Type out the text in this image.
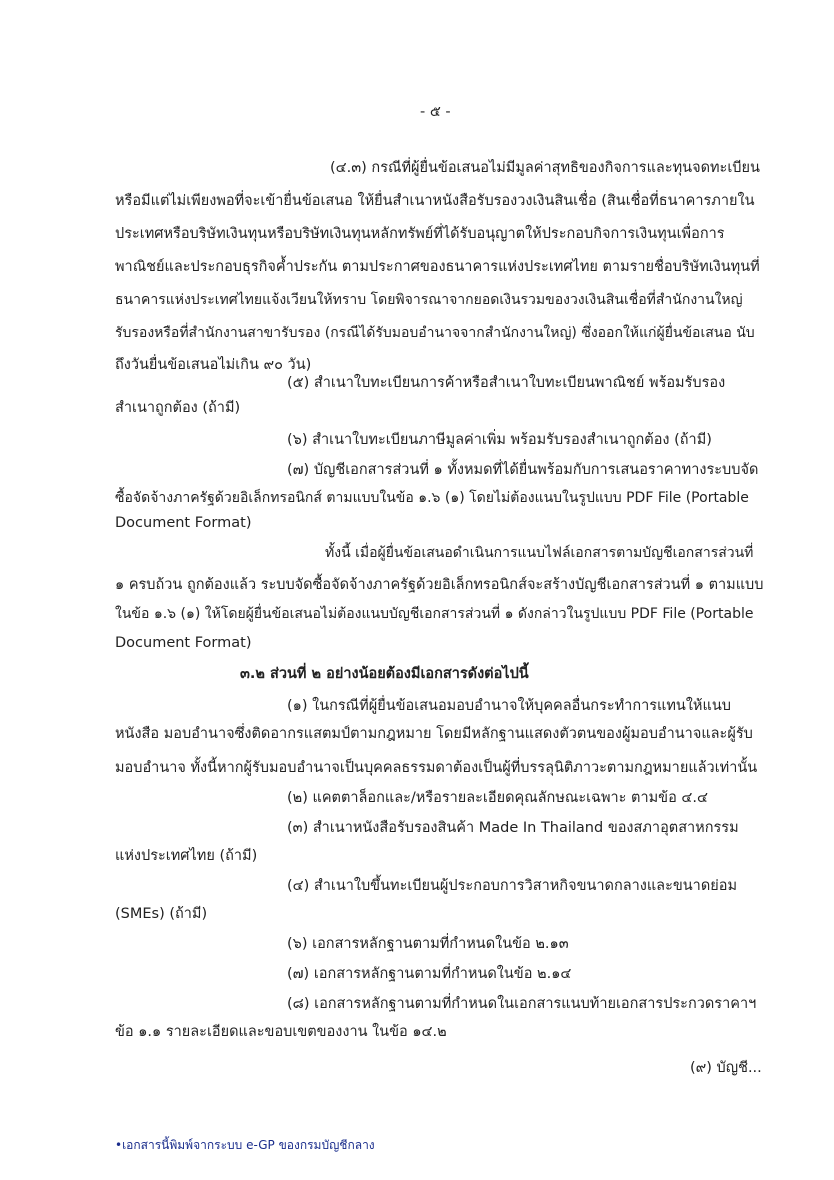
- ๕ -
(๔.๓) กรณีที่ผู้ยื่นข้อเสนอไม่มีมูลค่าสุทธิของกิจการและทุนจดทะเบียน
หรือมีแต่ไม่เพียงพอที่จะเข้ายื่นข้อเสนอ ให้ยื่นสำเนาหนังสือรับรองวงเงินสินเชื่อ (สินเชื่อที่ธนาคารภายใน
ประเทศหรือบริษัทเงินทุนหรือบริษัทเงินทุนหลักทรัพย์ที่ได้รับอนุญาตให้ประกอบกิจการเงินทุนเพื่อการ
พาณิชย์และประกอบธุรกิจค้ำประกัน ตามประกาศของธนาคารแห่งประเทศไทย ตามรายชื่อบริษัทเงินทุนที่
ธนาคารแห่งประเทศไทยแจ้งเวียนให้ทราบ โดยพิจารณาจากยอดเงินรวมของวงเงินสินเชื่อที่สำนักงานใหญ่
รับรองหรือที่สำนักงานสาขารับรอง (กรณีได้รับมอบอำนาจจากสำนักงานใหญ่) ซึ่งออกให้แก่ผู้ยื่นข้อเสนอ นับ
ถึงวันยื่นข้อเสนอไม่เกิน ๙๐ วัน)
(๕) สำเนาใบทะเบียนการค้าหรือสำเนาใบทะเบียนพาณิชย์ พร้อมรับรอง
สำเนาถูกต้อง (ถ้ามี)
(๖) สำเนาใบทะเบียนภาษีมูลค่าเพิ่ม พร้อมรับรองสำเนาถูกต้อง (ถ้ามี)
(๗) บัญชีเอกสารส่วนที่ ๑ ทั้งหมดที่ได้ยื่นพร้อมกับการเสนอราคาทางระบบจัด
ซื้อจัดจ้างภาครัฐด้วยอิเล็กทรอนิกส์ ตามแบบในข้อ ๑.๖ (๑) โดยไม่ต้องแนบในรูปแบบ PDF File (Portable
Document Format)
ทั้งนี้ เมื่อผู้ยื่นข้อเสนอดำเนินการแนบไฟล์เอกสารตามบัญชีเอกสารส่วนที่
๑ ครบถ้วน ถูกต้องแล้ว ระบบจัดซื้อจัดจ้างภาครัฐด้วยอิเล็กทรอนิกส์จะสร้างบัญชีเอกสารส่วนที่ ๑ ตามแบบ
ในข้อ ๑.๖ (๑) ให้โดยผู้ยื่นข้อเสนอไม่ต้องแนบบัญชีเอกสารส่วนที่ ๑ ดังกล่าวในรูปแบบ PDF File (Portable
Document Format)
๓.๒ ส่วนที่ ๒ อย่างน้อยต้องมีเอกสารดังต่อไปนี้
(๑) ในกรณีที่ผู้ยื่นข้อเสนอมอบอำนาจให้บุคคลอื่นกระทำการแทนให้แนบ
หนังสือ มอบอำนาจซึ่งติดอากรแสตมป์ตามกฎหมาย โดยมีหลักฐานแสดงตัวตนของผู้มอบอำนาจและผู้รับ
มอบอำนาจ ทั้งนี้หากผู้รับมอบอำนาจเป็นบุคคลธรรมดาต้องเป็นผู้ที่บรรลุนิติภาวะตามกฎหมายแล้วเท่านั้น
(๒) แคตตาล็อกและ/หรือรายละเอียดคุณลักษณะเฉพาะ ตามข้อ ๔.๔
(๓) สำเนาหนังสือรับรองสินค้า Made In Thailand ของสภาอุตสาหกรรม
แห่งประเทศไทย (ถ้ามี)
(๔) สำเนาใบขึ้นทะเบียนผู้ประกอบการวิสาหกิจขนาดกลางและขนาดย่อม
(SMEs) (ถ้ามี)
(๖) เอกสารหลักฐานตามที่กำหนดในข้อ ๒.๑๓
(๗) เอกสารหลักฐานตามที่กำหนดในข้อ ๒.๑๔
(๘) เอกสารหลักฐานตามที่กำหนดในเอกสารแนบท้ายเอกสารประกวดราคาฯ
ข้อ ๑.๑ รายละเอียดและขอบเขตของงาน ในข้อ ๑๔.๒
(๙) บัญชี...
•เอกสารนี้พิมพ์จากระบบ e-GP ของกรมบัญชีกลาง
